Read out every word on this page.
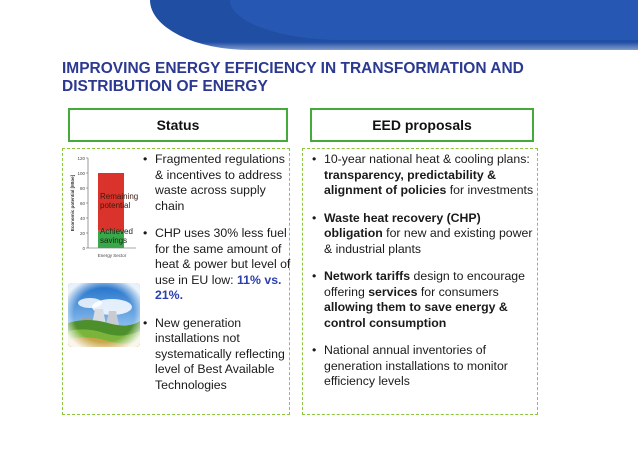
IMPROVING ENERGY EFFICIENCY IN TRANSFORMATION AND DISTRIBUTION OF ENERGY
Status	EED proposals
0
20
40
60
80
100
120
Economic potential [Mtoe]
Energy Sector
Remaining
potential
Achieved
savings
• Fragmented regulations & incentives to address waste across supply chain
• CHP uses 30% less fuel for the same amount of heat & power but level of use in EU low: 11% vs. 21%.
• New generation installations not systematically reflecting level of Best Available Technologies
• 10-year national heat & cooling plans: transparency, predictability & alignment of policies for investments
• Waste heat recovery (CHP) obligation for new and existing power & industrial plants
• Network tariffs design to encourage offering services for consumers allowing them to save energy & control consumption
• National annual inventories of generation installations to monitor efficiency levels
